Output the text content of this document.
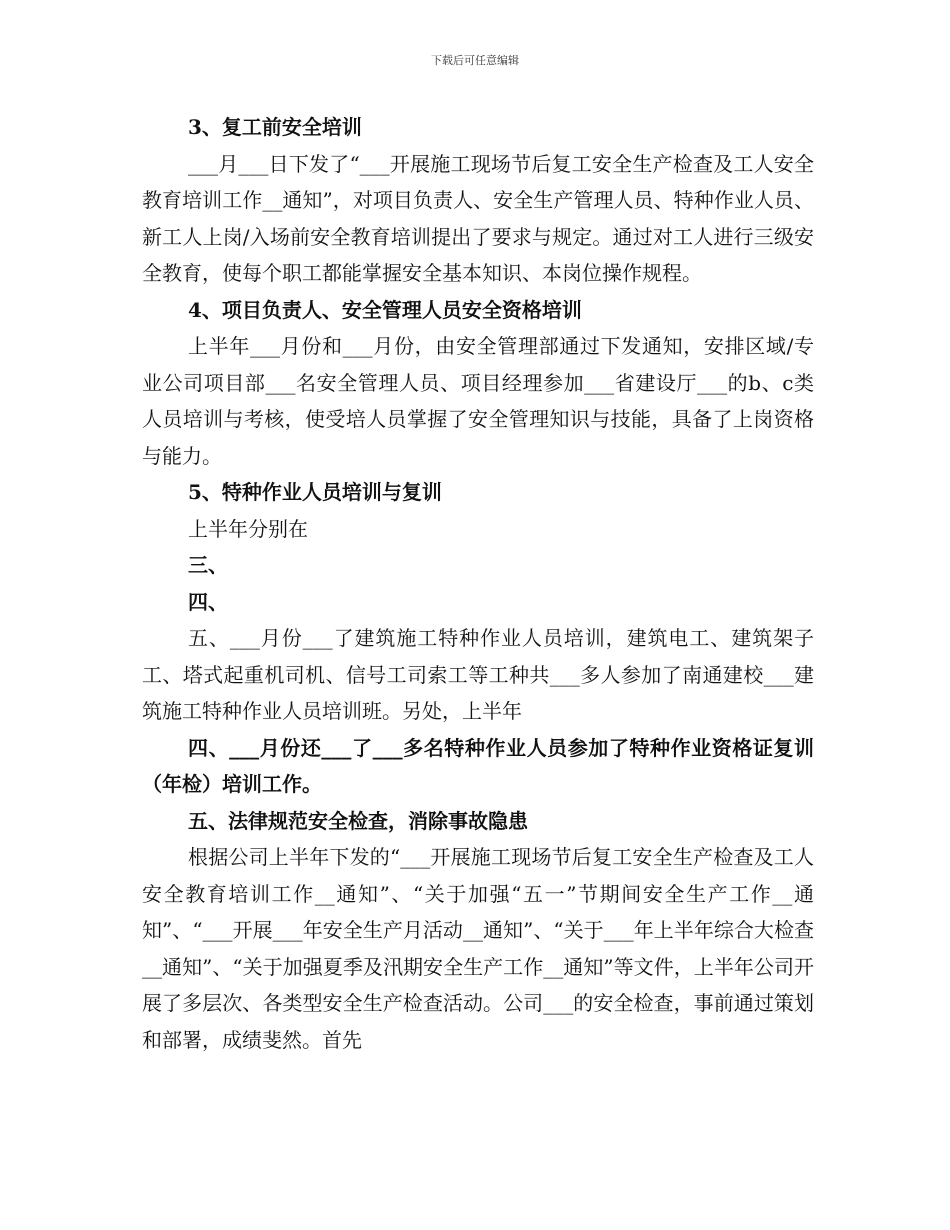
下载后可任意编辑

3、复工前安全培训

___月___日下发了“___开展施工现场节后复工安全生产检查及工人安全教育培训工作__通知”，对项目负责人、安全生产管理人员、特种作业人员、新工人上岗/入场前安全教育培训提出了要求与规定。通过对工人进行三级安全教育，使每个职工都能掌握安全基本知识、本岗位操作规程。

4、项目负责人、安全管理人员安全资格培训

上半年___月份和___月份，由安全管理部通过下发通知，安排区域/专业公司项目部___名安全管理人员、项目经理参加___省建设厅___的b、c类人员培训与考核，使受培人员掌握了安全管理知识与技能，具备了上岗资格与能力。

5、特种作业人员培训与复训

上半年分别在

三、

四、

五、___月份___了建筑施工特种作业人员培训，建筑电工、建筑架子工、塔式起重机司机、信号工司索工等工种共___多人参加了南通建校___建筑施工特种作业人员培训班。另处，上半年

四、___月份还___了___多名特种作业人员参加了特种作业资格证复训（年检）培训工作。

五、法律规范安全检查，消除事故隐患

根据公司上半年下发的“___开展施工现场节后复工安全生产检查及工人安全教育培训工作__通知”、“关于加强“五一”节期间安全生产工作__通知”、“___开展___年安全生产月活动__通知”、“关于___年上半年综合大检查__通知”、“关于加强夏季及汛期安全生产工作__通知”等文件，上半年公司开展了多层次、各类型安全生产检查活动。公司___的安全检查，事前通过策划和部署，成绩斐然。首先
